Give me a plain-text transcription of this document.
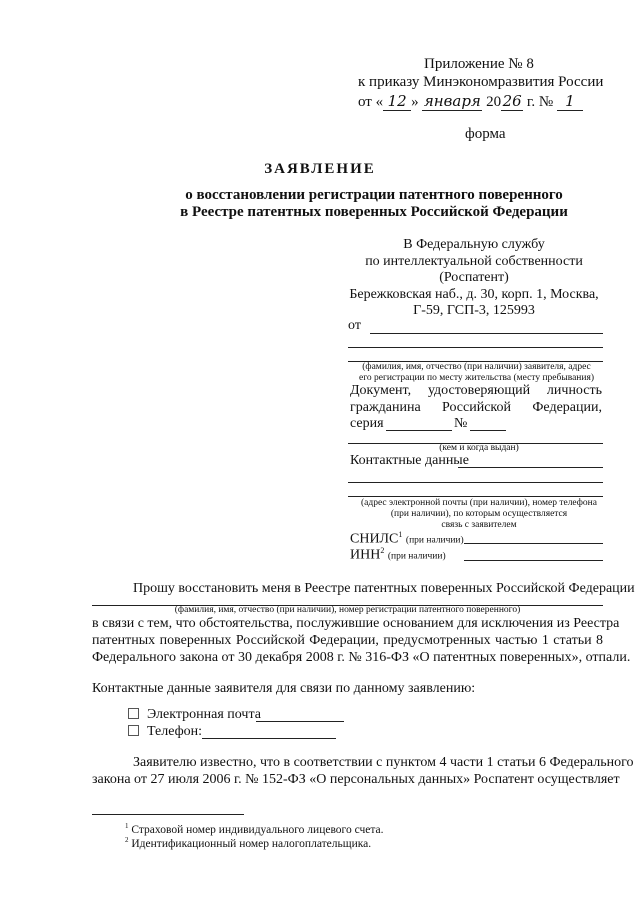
Приложение № 8
к приказу Минэкономразвития России
от « 12 » января 2026 г. № 1
форма
ЗАЯВЛЕНИЕ
о восстановлении регистрации патентного поверенного
в Реестре патентных поверенных Российской Федерации
В Федеральную службу
по интеллектуальной собственности
(Роспатент)
Бережковская наб., д. 30, корп. 1, Москва,
Г-59, ГСП-3, 125993
от
(фамилия, имя, отчество (при наличии) заявителя, адрес
его регистрации по месту жительства (месту пребывания)
Документ, удостоверяющий личность
гражданина Российской Федерации,
серия	№
(кем и когда выдан)
Контактные данные
(адрес электронной почты (при наличии), номер телефона
(при наличии), по которым осуществляется
связь с заявителем
СНИЛС$^1$ (при наличии)
ИНН$^2$ (при наличии)
Прошу восстановить меня в Реестре патентных поверенных Российской Федерации
(фамилия, имя, отчество (при наличии), номер регистрации патентного поверенного)
в связи с тем, что обстоятельства, послужившие основанием для исключения из Реестра
патентных поверенных Российской Федерации, предусмотренных частью 1 статьи 8
Федерального закона от 30 декабря 2008 г. № 316-ФЗ «О патентных поверенных», отпали.
Контактные данные заявителя для связи по данному заявлению:
Электронная почта
Телефон:
Заявителю известно, что в соответствии с пунктом 4 части 1 статьи 6 Федерального
закона от 27 июля 2006 г. № 152-ФЗ «О персональных данных» Роспатент осуществляет
$^1$ Страховой номер индивидуального лицевого счета.
$^2$ Идентификационный номер налогоплательщика.
